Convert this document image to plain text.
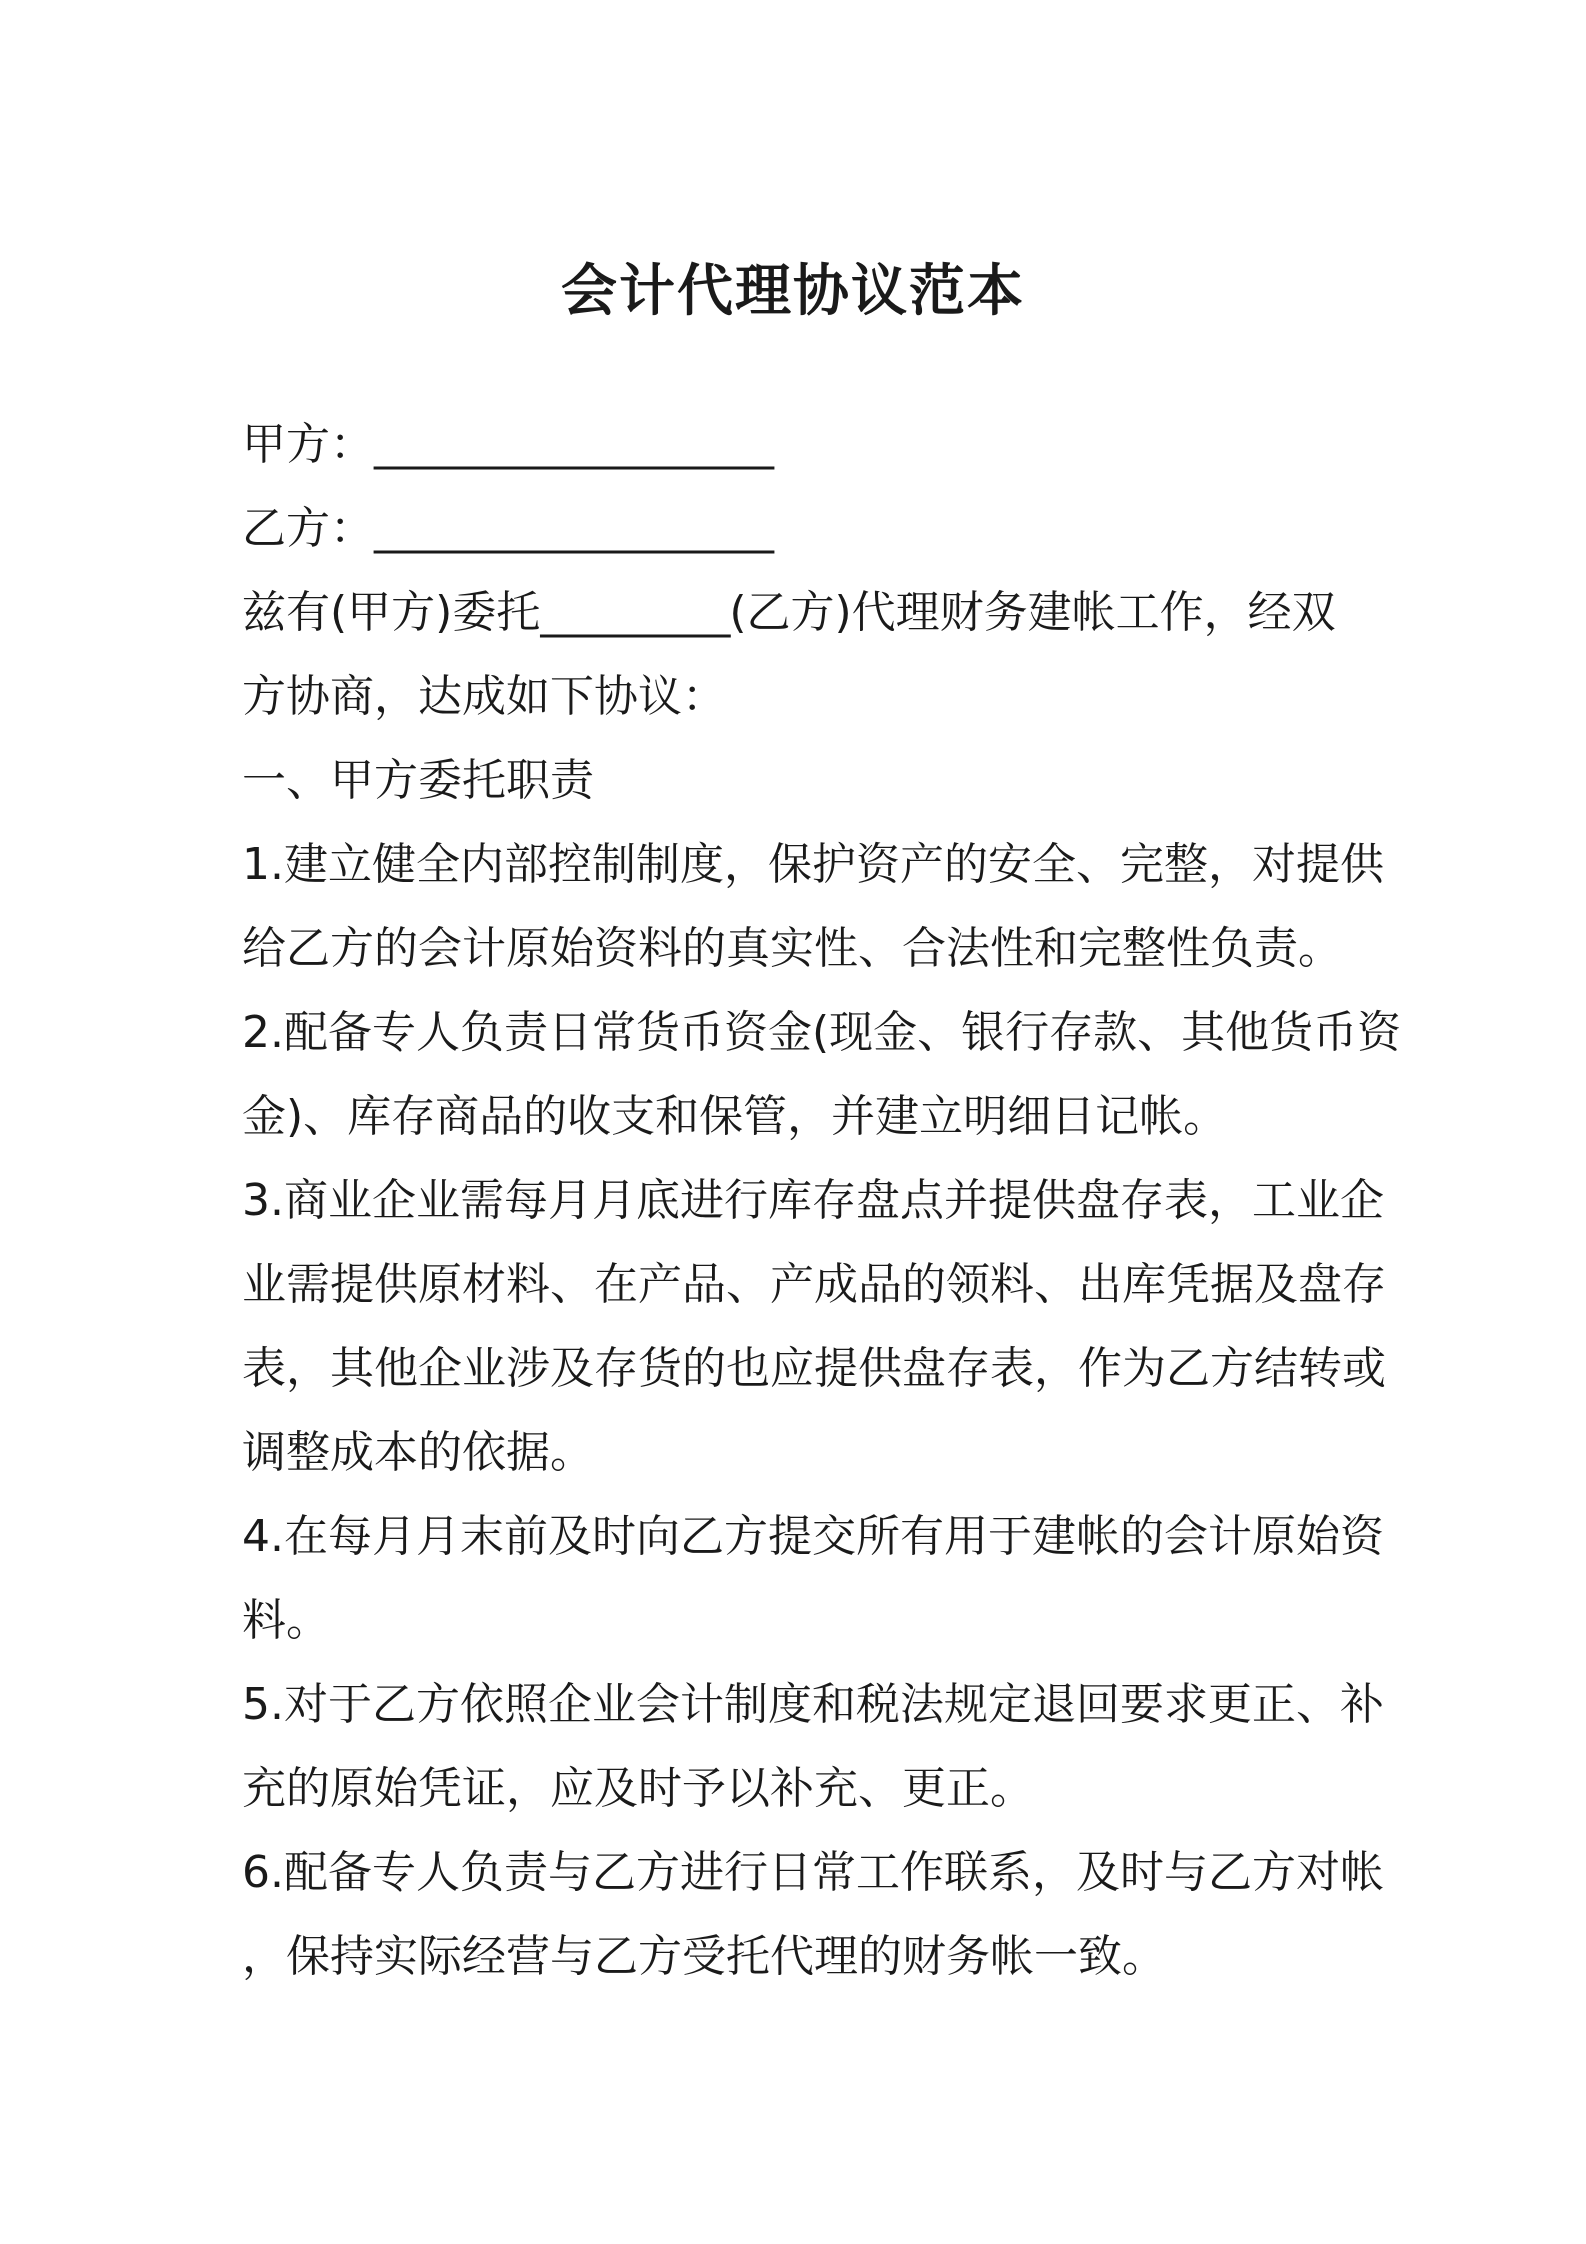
会计代理协议范本
甲方：___________________
乙方：___________________
兹有(甲方)委托_________(乙方)代理财务建帐工作，经双
方协商，达成如下协议：
一、甲方委托职责
1.建立健全内部控制制度，保护资产的安全、完整，对提供
给乙方的会计原始资料的真实性、合法性和完整性负责。
2.配备专人负责日常货币资金(现金、银行存款、其他货币资
金)、库存商品的收支和保管，并建立明细日记帐。
3.商业企业需每月月底进行库存盘点并提供盘存表，工业企
业需提供原材料、在产品、产成品的领料、出库凭据及盘存
表，其他企业涉及存货的也应提供盘存表，作为乙方结转或
调整成本的依据。
4.在每月月末前及时向乙方提交所有用于建帐的会计原始资
料。
5.对于乙方依照企业会计制度和税法规定退回要求更正、补
充的原始凭证，应及时予以补充、更正。
6.配备专人负责与乙方进行日常工作联系，及时与乙方对帐
，保持实际经营与乙方受托代理的财务帐一致。
